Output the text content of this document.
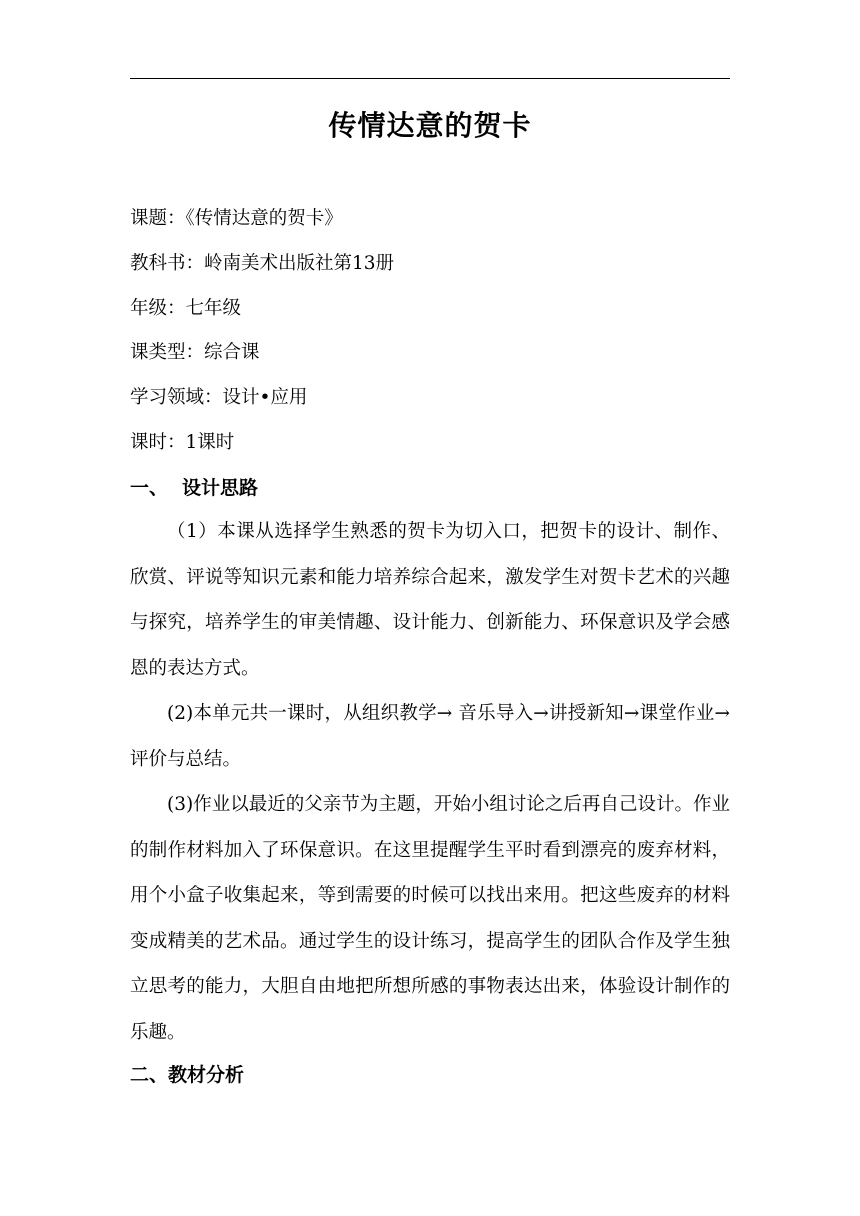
传情达意的贺卡
课题：《传情达意的贺卡》
教科书：岭南美术出版社第13册
年级：七年级
课类型：综合课
学习领域：设计•应用
课时：1课时
一、 设计思路
（1）本课从选择学生熟悉的贺卡为切入口，把贺卡的设计、制作、欣赏、评说等知识元素和能力培养综合起来，激发学生对贺卡艺术的兴趣与探究，培养学生的审美情趣、设计能力、创新能力、环保意识及学会感恩的表达方式。
(2)本单元共一课时，从组织教学→ 音乐导入→讲授新知→课堂作业→评价与总结。
(3)作业以最近的父亲节为主题，开始小组讨论之后再自己设计。作业的制作材料加入了环保意识。在这里提醒学生平时看到漂亮的废弃材料，用个小盒子收集起来，等到需要的时候可以找出来用。把这些废弃的材料变成精美的艺术品。通过学生的设计练习，提高学生的团队合作及学生独立思考的能力，大胆自由地把所想所感的事物表达出来，体验设计制作的乐趣。
二、教材分析
